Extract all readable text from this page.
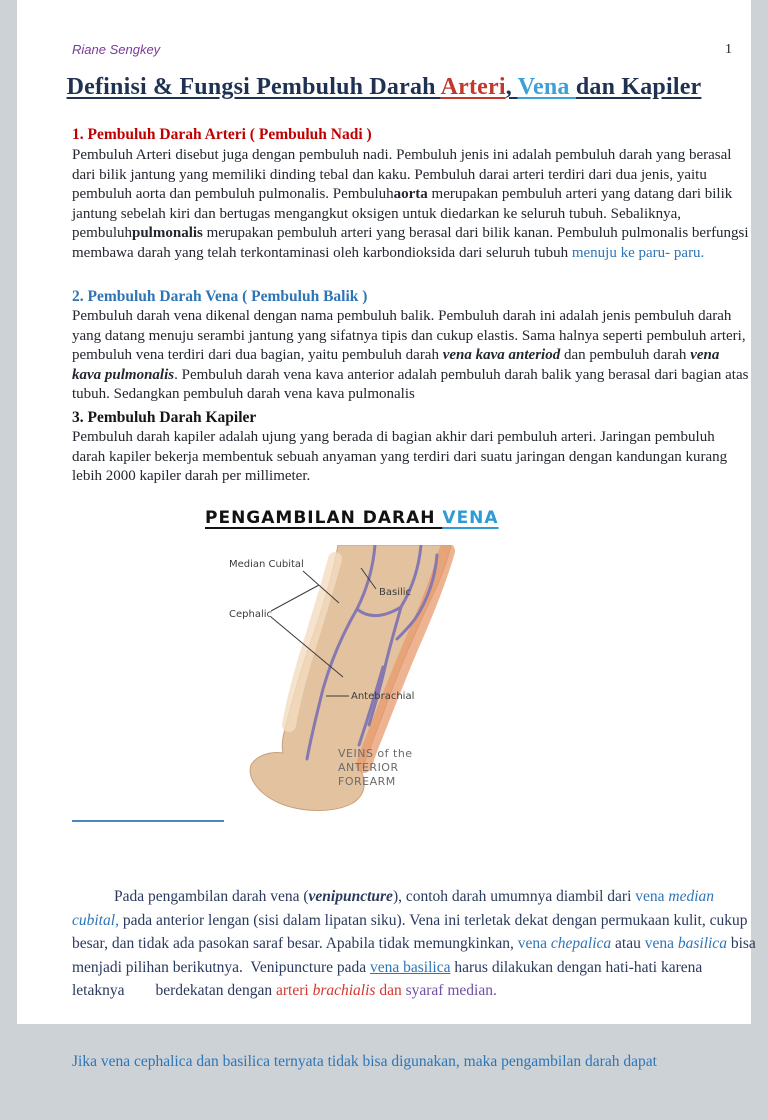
Riane Sengkey	1
Definisi & Fungsi Pembuluh Darah Arteri, Vena dan Kapiler
1. Pembuluh Darah Arteri ( Pembuluh Nadi )
Pembuluh Arteri disebut juga dengan pembuluh nadi. Pembuluh jenis ini adalah pembuluh darah yang berasal dari bilik jantung yang memiliki dinding tebal dan kaku. Pembuluh darai arteri terdiri dari dua jenis, yaitu pembuluh aorta dan pembuluh pulmonalis. Pembuluhaorta merupakan pembuluh arteri yang datang dari bilik jantung sebelah kiri dan bertugas mengangkut oksigen untuk diedarkan ke seluruh tubuh. Sebaliknya, pembuluhpulmonalis merupakan pembuluh arteri yang berasal dari bilik kanan. Pembuluh pulmonalis berfungsi membawa darah yang telah terkontaminasi oleh karbondioksida dari seluruh tubuh menuju ke paru- paru.
2. Pembuluh Darah Vena ( Pembuluh Balik )
Pembuluh darah vena dikenal dengan nama pembuluh balik. Pembuluh darah ini adalah jenis pembuluh darah yang datang menuju serambi jantung yang sifatnya tipis dan cukup elastis. Sama halnya seperti pembuluh arteri, pembuluh vena terdiri dari dua bagian, yaitu pembuluh darah vena kava anteriod dan pembuluh darah vena kava pulmonalis. Pembuluh darah vena kava anterior adalah pembuluh darah balik yang berasal dari bagian atas tubuh. Sedangkan pembuluh darah vena kava pulmonalis
3. Pembuluh Darah Kapiler
Pembuluh darah kapiler adalah ujung yang berada di bagian akhir dari pembuluh arteri. Jaringan pembuluh darah kapiler bekerja membentuk sebuah anyaman yang terdiri dari suatu jaringan dengan kandungan kurang lebih 2000 kapiler darah per millimeter.
PENGAMBILAN DARAH VENA
Median Cubital
Basilic
Cephalic
Antebrachial
VEINS of the
ANTERIOR
FOREARM

Pada pengambilan darah vena (venipuncture), contoh darah umumnya diambil dari vena median cubital, pada anterior lengan (sisi dalam lipatan siku). Vena ini terletak dekat dengan permukaan kulit, cukup besar, dan tidak ada pasokan saraf besar. Apabila tidak memungkinkan, vena chepalica atau vena basilica bisa menjadi pilihan berikutnya.  Venipuncture pada vena basilica harus dilakukan dengan hati-hati karena letaknya        berdekatan dengan arteri brachialis dan syaraf median.

Jika vena cephalica dan basilica ternyata tidak bisa digunakan, maka pengambilan darah dapat
